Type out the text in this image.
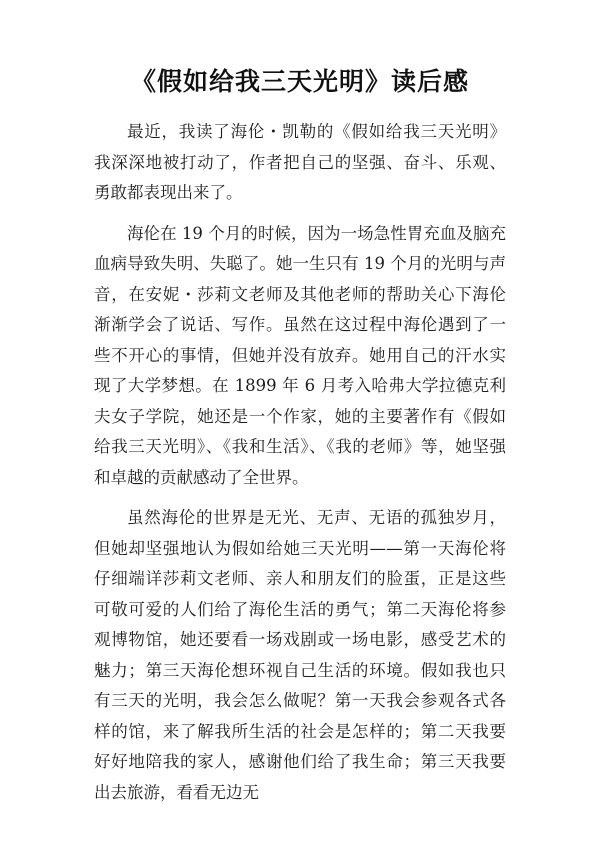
《假如给我三天光明》读后感

最近，我读了海伦・凯勒的《假如给我三天光明》我深深地被打动了，作者把自己的坚强、奋斗、乐观、勇敢都表现出来了。

海伦在 19 个月的时候，因为一场急性胃充血及脑充血病导致失明、失聪了。她一生只有 19 个月的光明与声音，在安妮・莎莉文老师及其他老师的帮助关心下海伦渐渐学会了说话、写作。虽然在这过程中海伦遇到了一些不开心的事情，但她并没有放弃。她用自己的汗水实现了大学梦想。在 1899 年 6 月考入哈弗大学拉德克利夫女子学院，她还是一个作家，她的主要著作有《假如给我三天光明》、《我和生活》、《我的老师》等，她坚强和卓越的贡献感动了全世界。

虽然海伦的世界是无光、无声、无语的孤独岁月，但她却坚强地认为假如给她三天光明——第一天海伦将仔细端详莎莉文老师、亲人和朋友们的脸蛋，正是这些可敬可爱的人们给了海伦生活的勇气；第二天海伦将参观博物馆，她还要看一场戏剧或一场电影，感受艺术的魅力；第三天海伦想环视自己生活的环境。假如我也只有三天的光明，我会怎么做呢？第一天我会参观各式各样的馆，来了解我所生活的社会是怎样的；第二天我要好好地陪我的家人，感谢他们给了我生命；第三天我要出去旅游，看看无边无
